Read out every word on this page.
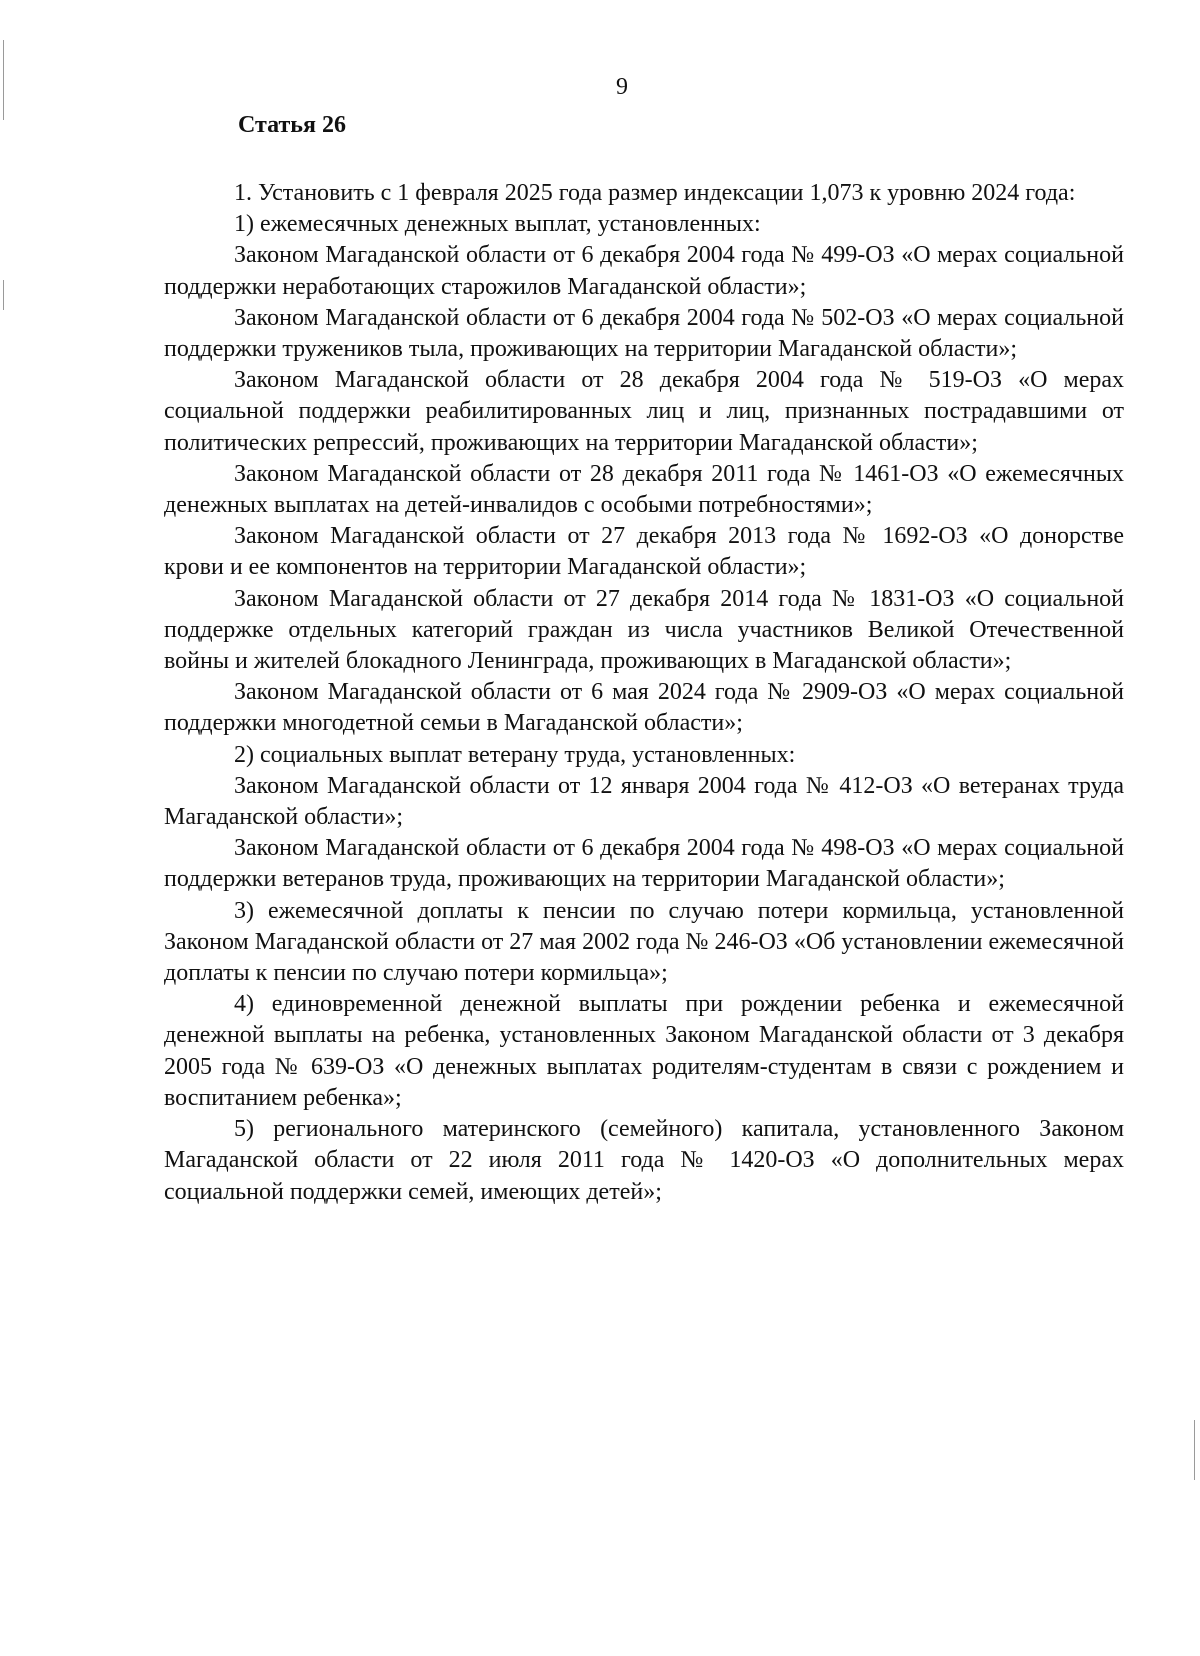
9
Статья 26

1. Установить с 1 февраля 2025 года размер индексации 1,073 к уровню 2024 года:

1) ежемесячных денежных выплат, установленных:

Законом Магаданской области от 6 декабря 2004 года № 499-ОЗ «О мерах социальной поддержки неработающих старожилов Магаданской области»;

Законом Магаданской области от 6 декабря 2004 года № 502-ОЗ «О мерах социальной поддержки тружеников тыла, проживающих на территории Магаданской области»;

Законом Магаданской области от 28 декабря 2004 года № 519-ОЗ «О мерах социальной поддержки реабилитированных лиц и лиц, признанных пострадавшими от политических репрессий, проживающих на территории Магаданской области»;

Законом Магаданской области от 28 декабря 2011 года № 1461-ОЗ «О ежемесячных денежных выплатах на детей-инвалидов с особыми потребностями»;

Законом Магаданской области от 27 декабря 2013 года № 1692-ОЗ «О донорстве крови и ее компонентов на территории Магаданской области»;

Законом Магаданской области от 27 декабря 2014 года № 1831-ОЗ «О социальной поддержке отдельных категорий граждан из числа участников Великой Отечественной войны и жителей блокадного Ленинграда, проживающих в Магаданской области»;

Законом Магаданской области от 6 мая 2024 года № 2909-ОЗ «О мерах социальной поддержки многодетной семьи в Магаданской области»;

2) социальных выплат ветерану труда, установленных:

Законом Магаданской области от 12 января 2004 года № 412-ОЗ «О ветеранах труда Магаданской области»;

Законом Магаданской области от 6 декабря 2004 года № 498-ОЗ «О мерах социальной поддержки ветеранов труда, проживающих на территории Магаданской области»;

3) ежемесячной доплаты к пенсии по случаю потери кормильца, установленной Законом Магаданской области от 27 мая 2002 года № 246-ОЗ «Об установлении ежемесячной доплаты к пенсии по случаю потери кормильца»;

4) единовременной денежной выплаты при рождении ребенка и ежемесячной денежной выплаты на ребенка, установленных Законом Магаданской области от 3 декабря 2005 года № 639-ОЗ «О денежных выплатах родителям-студентам в связи с рождением и воспитанием ребенка»;

5) регионального материнского (семейного) капитала, установленного Законом Магаданской области от 22 июля 2011 года № 1420-ОЗ «О дополнительных мерах социальной поддержки семей, имеющих детей»;
